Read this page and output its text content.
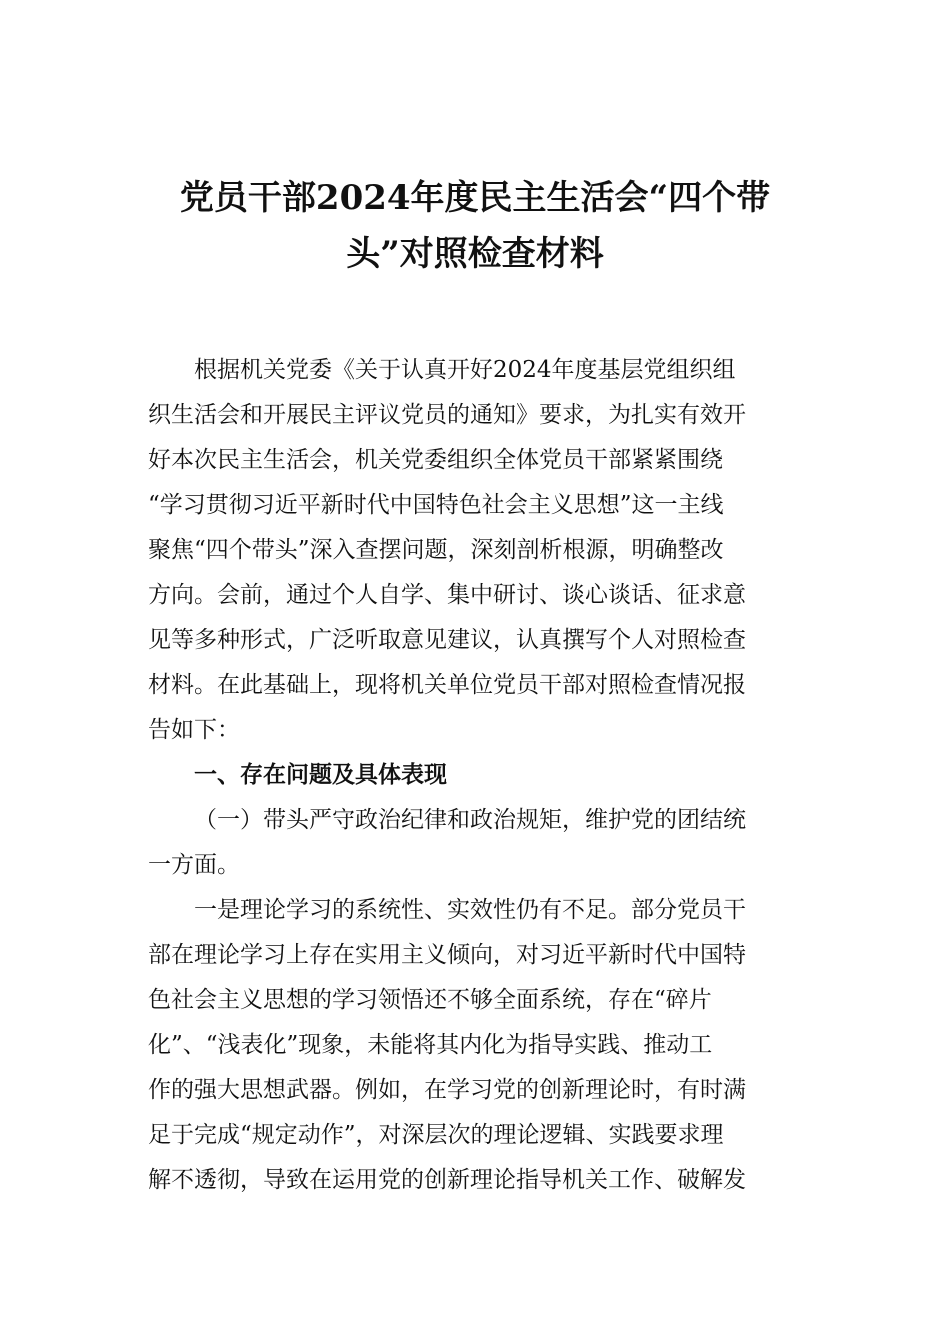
党员干部2024年度民主生活会“四个带
头”对照检查材料
根据机关党委《关于认真开好2024年度基层党组织组
织生活会和开展民主评议党员的通知》要求，为扎实有效开
好本次民主生活会，机关党委组织全体党员干部紧紧围绕
“学习贯彻习近平新时代中国特色社会主义思想”这一主线
聚焦“四个带头”深入查摆问题，深刻剖析根源，明确整改
方向。会前，通过个人自学、集中研讨、谈心谈话、征求意
见等多种形式，广泛听取意见建议，认真撰写个人对照检查
材料。在此基础上，现将机关单位党员干部对照检查情况报
告如下：
一、存在问题及具体表现
（一）带头严守政治纪律和政治规矩，维护党的团结统
一方面。
一是理论学习的系统性、实效性仍有不足。部分党员干
部在理论学习上存在实用主义倾向，对习近平新时代中国特
色社会主义思想的学习领悟还不够全面系统，存在“碎片
化”、“浅表化”现象，未能将其内化为指导实践、推动工
作的强大思想武器。例如，在学习党的创新理论时，有时满
足于完成“规定动作”，对深层次的理论逻辑、实践要求理
解不透彻，导致在运用党的创新理论指导机关工作、破解发
